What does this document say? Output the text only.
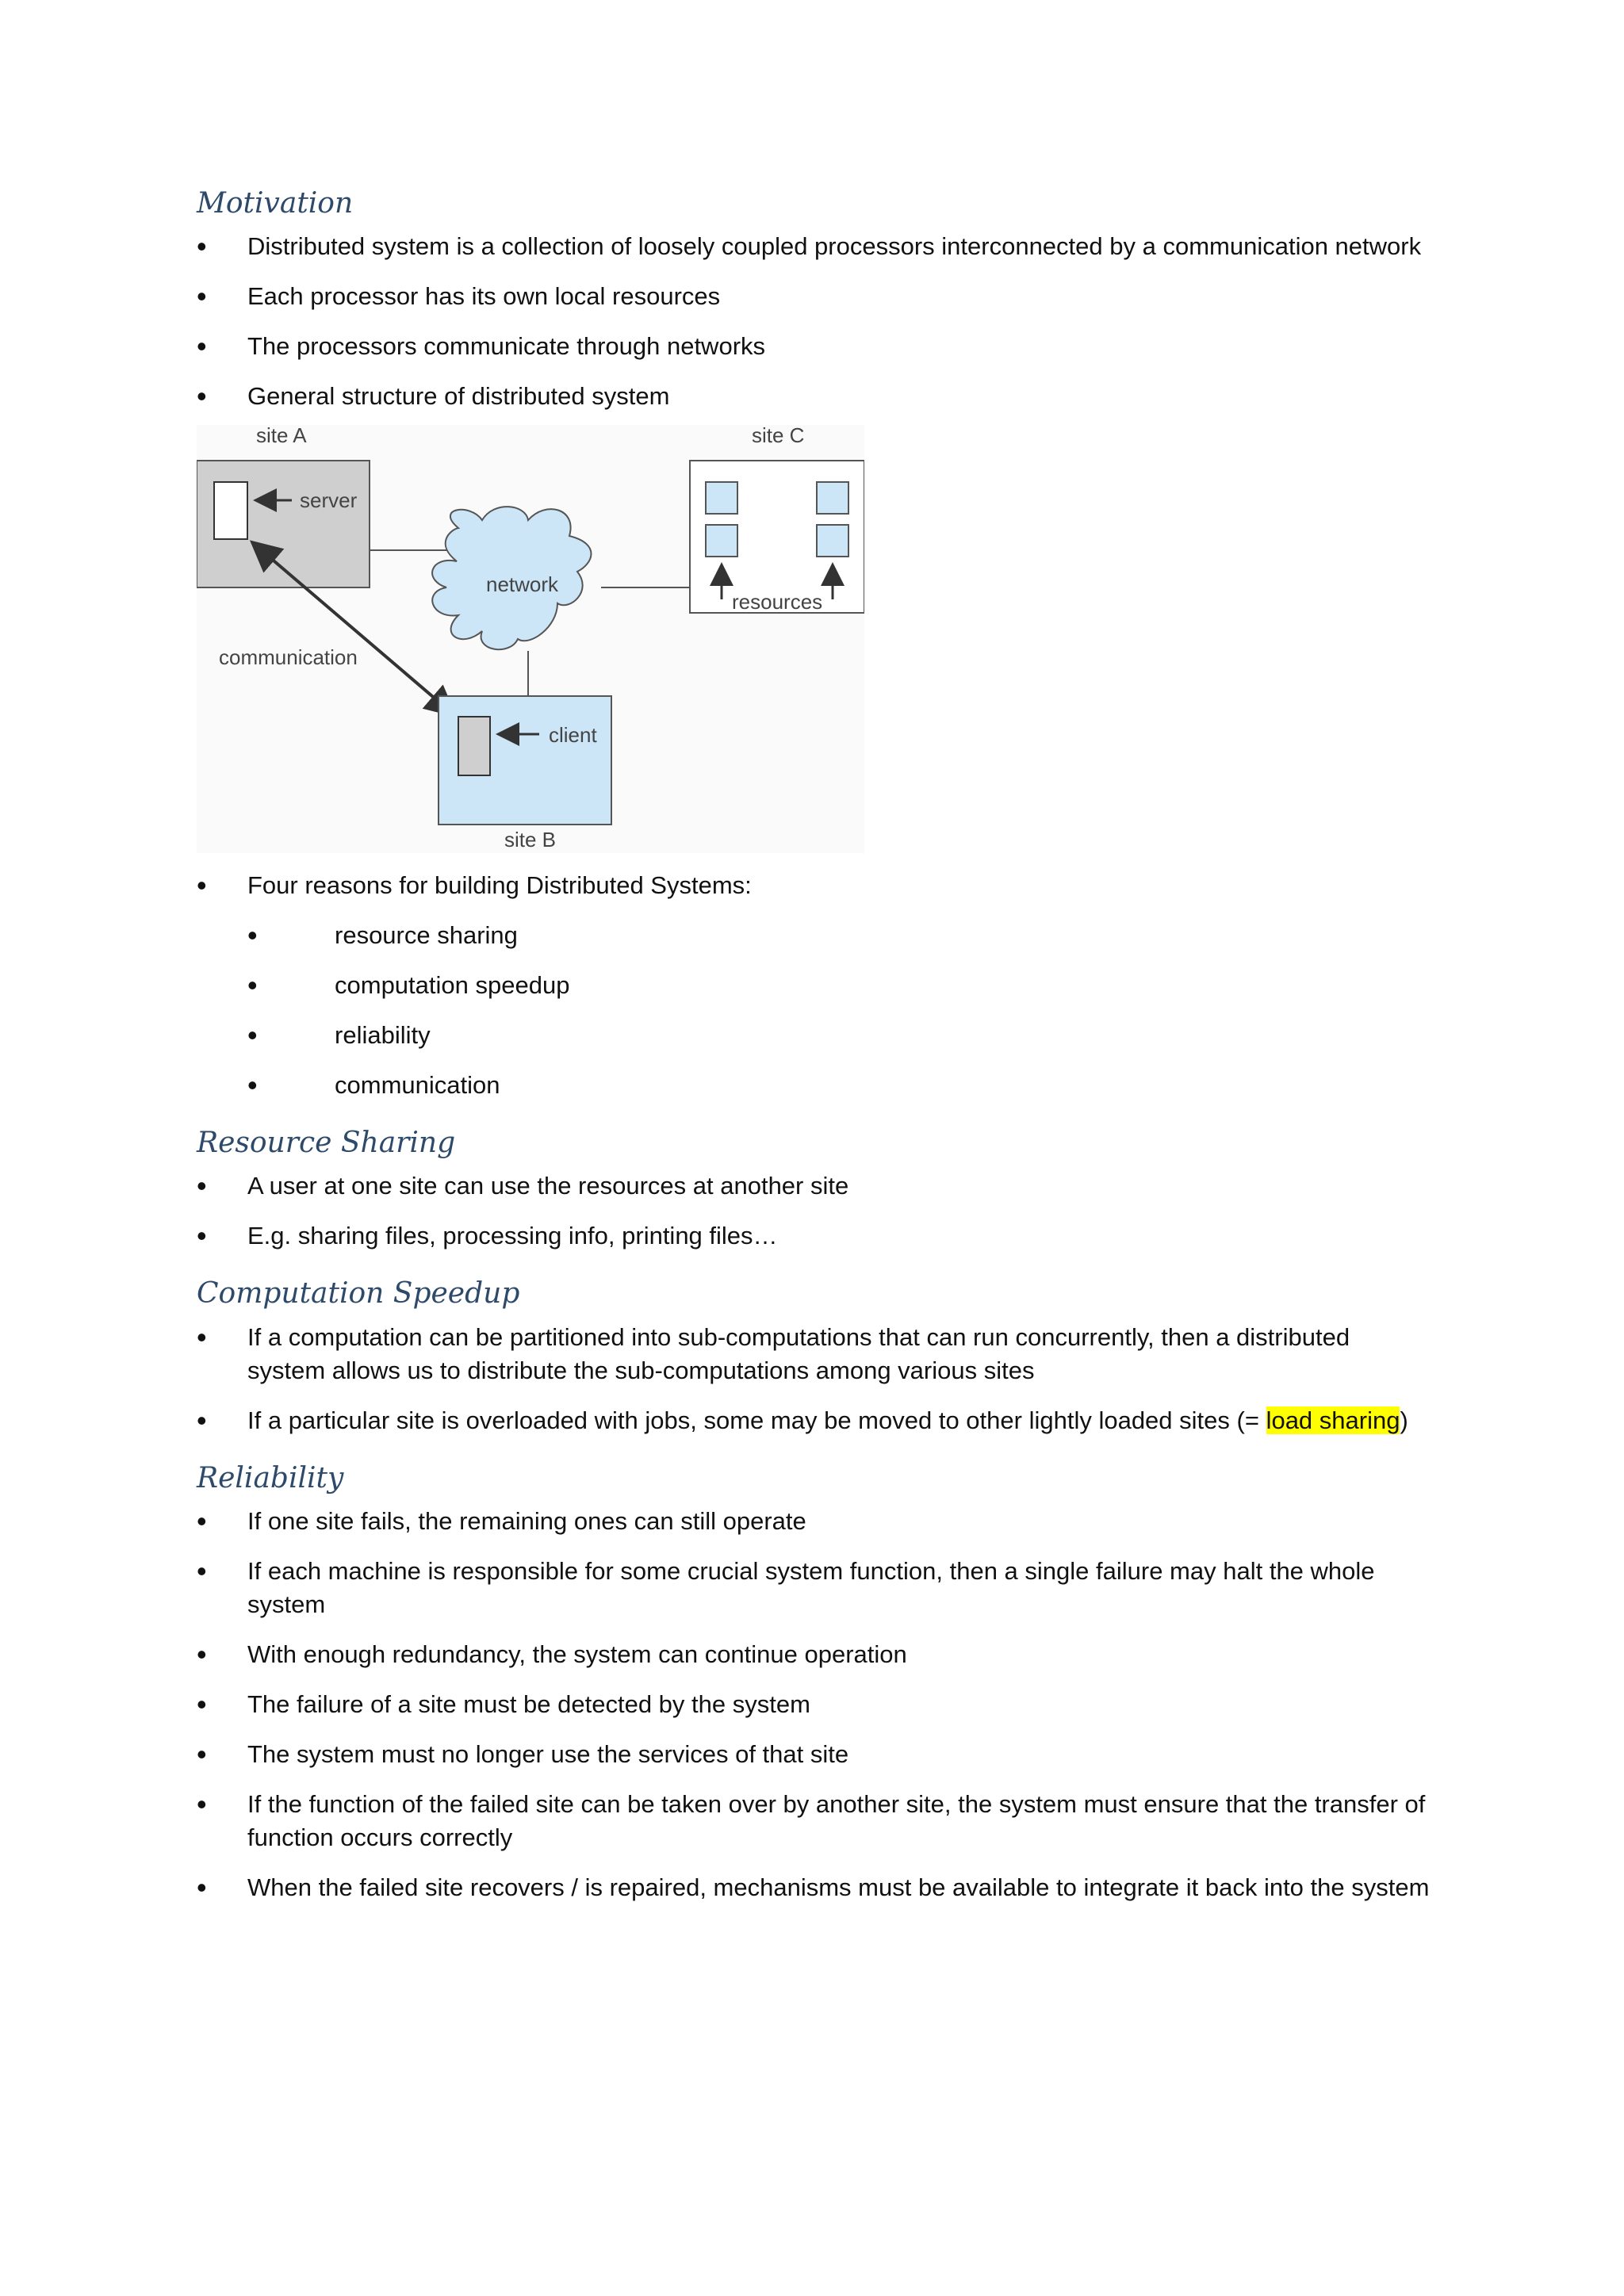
Motivation
• Distributed system is a collection of loosely coupled processors interconnected by a communication network
• Each processor has its own local resources
• The processors communicate through networks
• General structure of distributed system
site A
server
network
site C
resources
communication
client
site B
• Four reasons for building Distributed Systems:
• resource sharing
• computation speedup
• reliability
• communication
Resource Sharing
• A user at one site can use the resources at another site
• E.g. sharing files, processing info, printing files…
Computation Speedup
• If a computation can be partitioned into sub-computations that can run concurrently, then a distributed system allows us to distribute the sub-computations among various sites
• If a particular site is overloaded with jobs, some may be moved to other lightly loaded sites (= load sharing)
Reliability
• If one site fails, the remaining ones can still operate
• If each machine is responsible for some crucial system function, then a single failure may halt the whole system
• With enough redundancy, the system can continue operation
• The failure of a site must be detected by the system
• The system must no longer use the services of that site
• If the function of the failed site can be taken over by another site, the system must ensure that the transfer of function occurs correctly
• When the failed site recovers / is repaired, mechanisms must be available to integrate it back into the system
